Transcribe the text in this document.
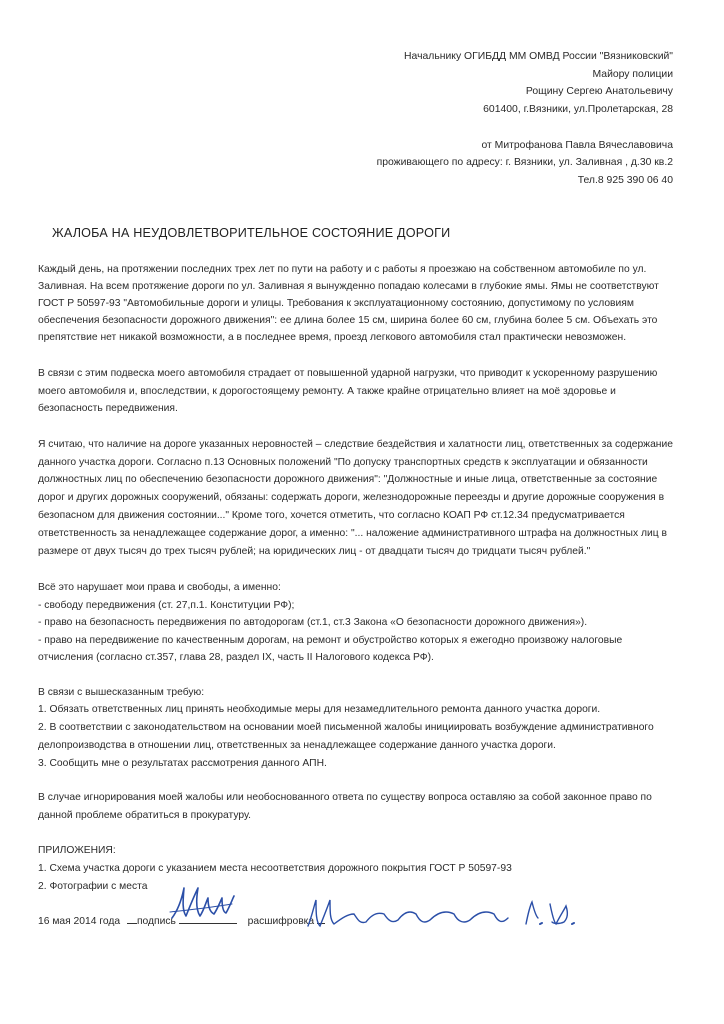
Начальнику ОГИБДД ММ ОМВД России "Вязниковский"
Майору полиции
Рощину Сергею Анатольевичу
601400, г.Вязники, ул.Пролетарская, 28
от Митрофанова Павла Вячеславовича
проживающего по адресу: г. Вязники, ул. Заливная , д.30 кв.2
Тел.8 925 390 06 40
ЖАЛОБА НА НЕУДОВЛЕТВОРИТЕЛЬНОЕ СОСТОЯНИЕ ДОРОГИ
Каждый день, на протяжении последних трех лет по пути на работу и с работы я проезжаю на собственном автомобиле по ул.
Заливная. На всем протяжение дороги по ул. Заливная я вынужденно попадаю колесами в глубокие ямы. Ямы не соответствуют
ГОСТ Р 50597-93 "Автомобильные дороги и улицы. Требования к эксплуатационному состоянию, допустимому по условиям
обеспечения безопасности дорожного движения": ее длина более 15 см, ширина более 60 см, глубина более 5 см. Объехать это
препятствие нет никакой возможности, а в последнее время, проезд легкового автомобиля стал практически невозможен.
В связи с этим подвеска моего автомобиля страдает от повышенной ударной нагрузки, что приводит к ускоренному разрушению
моего автомобиля и, впоследствии, к дорогостоящему ремонту. А также крайне отрицательно влияет на моё здоровье и
безопасность передвижения.
Я считаю, что наличие на дороге указанных неровностей – следствие бездействия и халатности лиц, ответственных за содержание
данного участка дороги. Согласно п.13 Основных положений "По допуску транспортных средств к эксплуатации и обязанности
должностных лиц по обеспечению безопасности дорожного движения": "Должностные и иные лица, ответственные за состояние
дорог и других дорожных сооружений, обязаны: содержать дороги, железнодорожные переезды и другие дорожные сооружения в
безопасном для движения состоянии..." Кроме того, хочется отметить, что согласно КОАП РФ ст.12.34 предусматривается
ответственность за ненадлежащее содержание дорог, а именно: "... наложение административного штрафа на должностных лиц в
размере от двух тысяч до трех тысяч рублей; на юридических лиц - от двадцати тысяч до тридцати тысяч рублей."
Всё это нарушает мои права и свободы, а именно:
- свободу передвижения (ст. 27,п.1. Конституции РФ);
- право на безопасность передвижения по автодорогам (ст.1, ст.3 Закона «О безопасности дорожного движения»).
- право на передвижение по качественным дорогам, на ремонт и обустройство которых я ежегодно произвожу налоговые
отчисления (согласно ст.357, глава 28, раздел IX, часть II Налогового кодекса РФ).
В связи с вышесказанным требую:
1. Обязать ответственных лиц принять необходимые меры для незамедлительного ремонта данного участка дороги.
2. В соответствии с законодательством на основании моей письменной жалобы инициировать возбуждение административного
делопроизводства в отношении лиц, ответственных за ненадлежащее содержание данного участка дороги.
3. Сообщить мне о результатах рассмотрения данного АПН.
В случае игнорирования моей жалобы или необоснованного ответа по существу вопроса оставляю за собой законное право по
данной проблеме обратиться в прокуратуру.
ПРИЛОЖЕНИЯ:
1. Схема участка дороги с указанием места несоответствия дорожного покрытия ГОСТ Р 50597-93
2. Фотографии с места
16 мая 2014 года подпись	расшифровка
